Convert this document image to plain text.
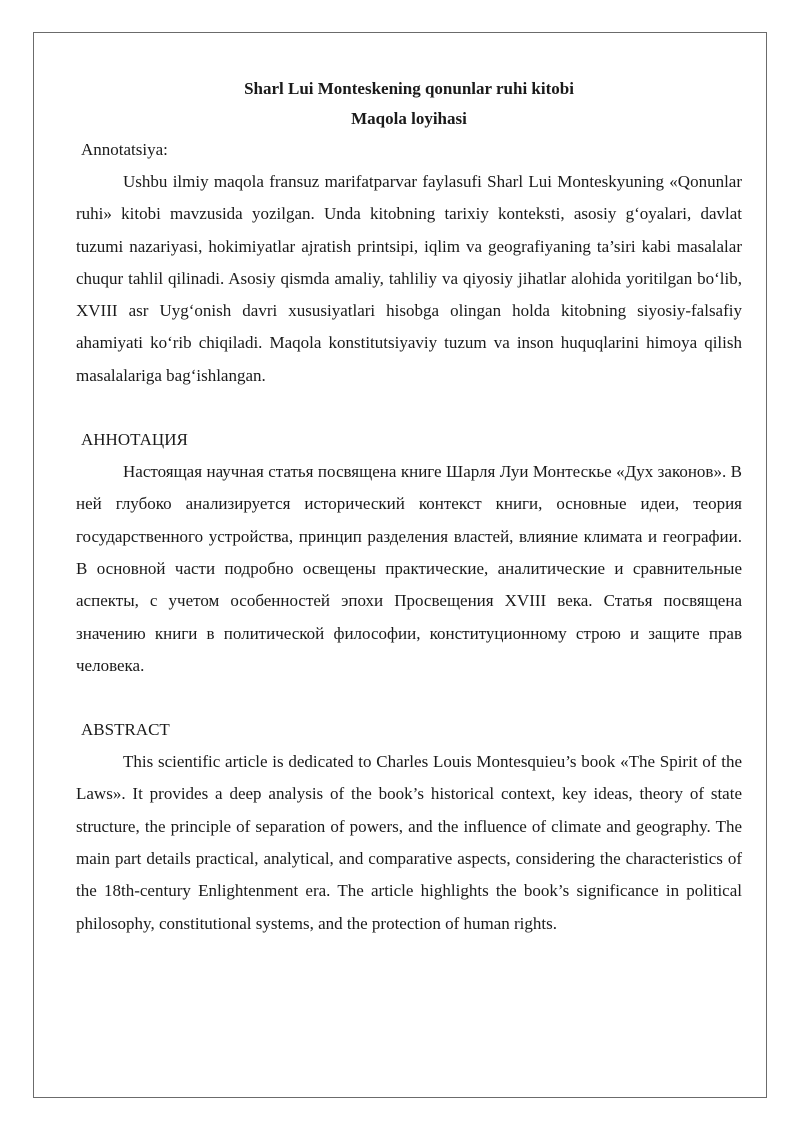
Sharl Lui Monteskening qonunlar ruhi kitobi

Maqola loyihasi

Annotatsiya:

Ushbu ilmiy maqola fransuz marifatparvar faylasufi Sharl Lui Monteskyuning «Qonunlar ruhi» kitobi mavzusida yozilgan. Unda kitobning tarixiy konteksti, asosiy g‘oyalari, davlat tuzumi nazariyasi, hokimiyatlar ajratish printsipi, iqlim va geografiyaning ta’siri kabi masalalar chuqur tahlil qilinadi. Asosiy qismda amaliy, tahliliy va qiyosiy jihatlar alohida yoritilgan bo‘lib, XVIII asr Uyg‘onish davri xususiyatlari hisobga olingan holda kitobning siyosiy-falsafiy ahamiyati ko‘rib chiqiladi. Maqola konstitutsiyaviy tuzum va inson huquqlarini himoya qilish masalalariga bag‘ishlangan.

АННОТАЦИЯ

Настоящая научная статья посвящена книге Шарля Луи Монтескье «Дух законов». В ней глубоко анализируется исторический контекст книги, основные идеи, теория государственного устройства, принцип разделения властей, влияние климата и географии. В основной части подробно освещены практические, аналитические и сравнительные аспекты, с учетом особенностей эпохи Просвещения XVIII века. Статья посвящена значению книги в политической философии, конституционному строю и защите прав человека.

ABSTRACT

This scientific article is dedicated to Charles Louis Montesquieu’s book «The Spirit of the Laws». It provides a deep analysis of the book’s historical context, key ideas, theory of state structure, the principle of separation of powers, and the influence of climate and geography. The main part details practical, analytical, and comparative aspects, considering the characteristics of the 18th-century Enlightenment era. The article highlights the book’s significance in political philosophy, constitutional systems, and the protection of human rights.
